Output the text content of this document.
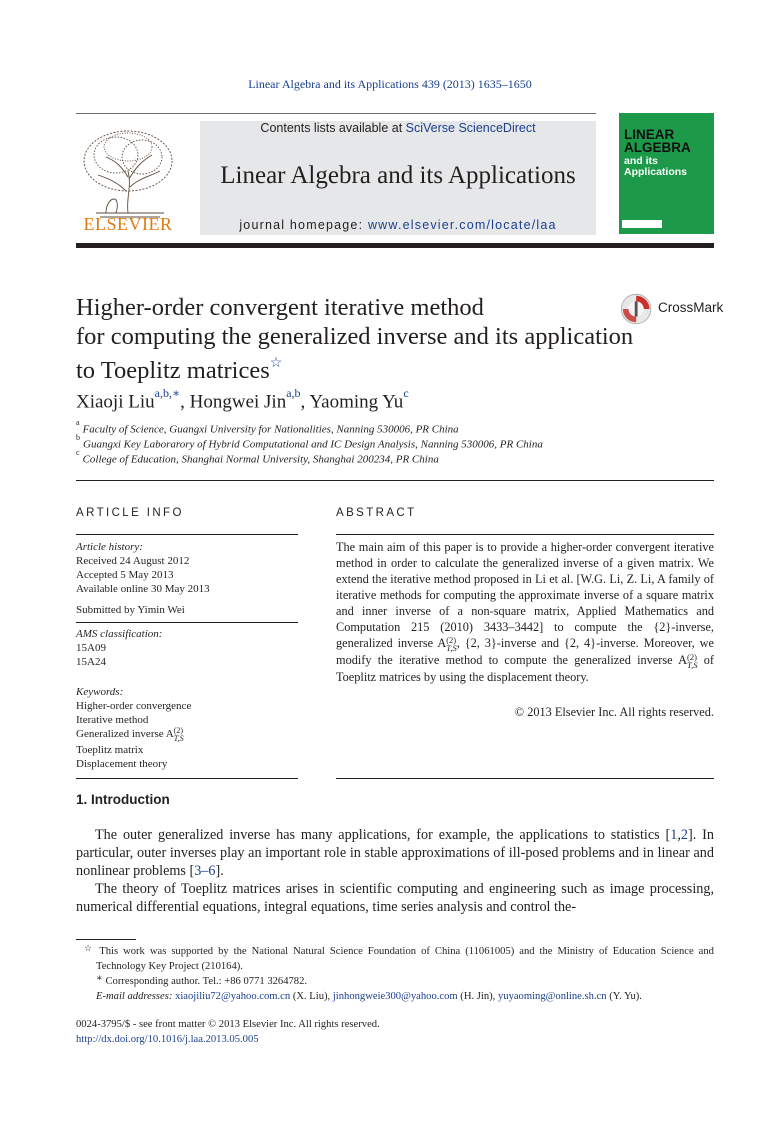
Linear Algebra and its Applications 439 (2013) 1635–1650
Contents lists available at SciVerse ScienceDirect
Linear Algebra and its Applications
journal homepage: www.elsevier.com/locate/laa
ELSEVIER
LINEAR
ALGEBRA
and its
Applications
Higher-order convergent iterative method
for computing the generalized inverse and its application
to Toeplitz matrices☆
CrossMark
Xiaoji Liu$^{a,b,∗}$, Hongwei Jin$^{a,b}$, Yaoming Yu$^c$
$^a$Faculty of Science, Guangxi University for Nationalities, Nanning 530006, PR China
$^b$Guangxi Key Laborarory of Hybrid Computational and IC Design Analysis, Nanning 530006, PR China
$^c$College of Education, Shanghai Normal University, Shanghai 200234, PR China
ARTICLE INFO
Article history:
Received 24 August 2012
Accepted 5 May 2013
Available online 30 May 2013
Submitted by Yimin Wei
AMS classification:
15A09
15A24
Keywords:
Higher-order convergence
Iterative method
Generalized inverse A (2)
T,S
Toeplitz matrix
Displacement theory
ABSTRACT
The main aim of this paper is to provide a higher-order convergent iterative method in order to calculate the generalized inverse of a given matrix. We extend the iterative method proposed in Li et al. [W.G. Li, Z. Li, A family of iterative methods for computing the approximate inverse of a square matrix and inner inverse of a non-square matrix, Applied Mathematics and Computation 215 (2010) 3433–3442] to compute the {2}-inverse, generalized inverse A (2)
T,S , {2, 3}-inverse and {2, 4}-inverse. Moreover, we modify the iterative method to compute the generalized inverse A (2)
T,S of Toeplitz matrices by using the displacement theory.
© 2013 Elsevier Inc. All rights reserved.
1. Introduction
The outer generalized inverse has many applications, for example, the applications to statistics [1,2]. In particular, outer inverses play an important role in stable approximations of ill-posed problems and in linear and nonlinear problems [3–6].
The theory of Toeplitz matrices arises in scientific computing and engineering such as image processing, numerical differential equations, integral equations, time series analysis and control the-
☆ This work was supported by the National Natural Science Foundation of China (11061005) and the Ministry of Education Science and Technology Key Project (210164).
∗ Corresponding author. Tel.: +86 0771 3264782.
E-mail addresses: xiaojiliu72@yahoo.com.cn (X. Liu), jinhongweie300@yahoo.com (H. Jin), yuyaoming@online.sh.cn (Y. Yu).
0024-3795/$ - see front matter © 2013 Elsevier Inc. All rights reserved.
http://dx.doi.org/10.1016/j.laa.2013.05.005
